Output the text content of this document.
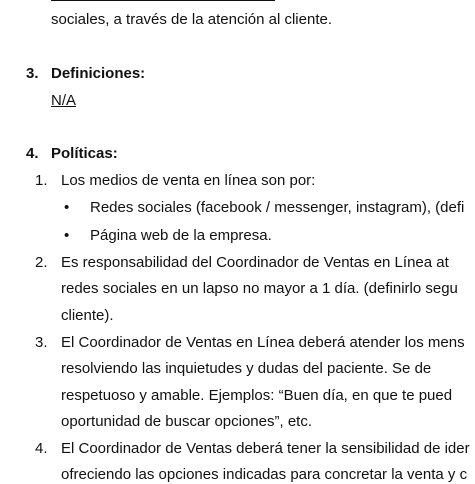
sociales, a través de la atención al cliente.
3. Definiciones:
N/A
4. Políticas:
1. Los medios de venta en línea son por:
• Redes sociales (facebook / messenger, instagram), (defi
• Página web de la empresa.
2. Es responsabilidad del Coordinador de Ventas en Línea at
redes sociales en un lapso no mayor a 1 día. (definirlo segu
cliente).
3. El Coordinador de Ventas en Línea deberá atender los mens
resolviendo las inquietudes y dudas del paciente. Se de
respetuoso y amable. Ejemplos: “Buen día, en que te pued
oportunidad de buscar opciones”, etc.
4. El Coordinador de Ventas deberá tener la sensibilidad de ider
ofreciendo las opciones indicadas para concretar la venta y c
